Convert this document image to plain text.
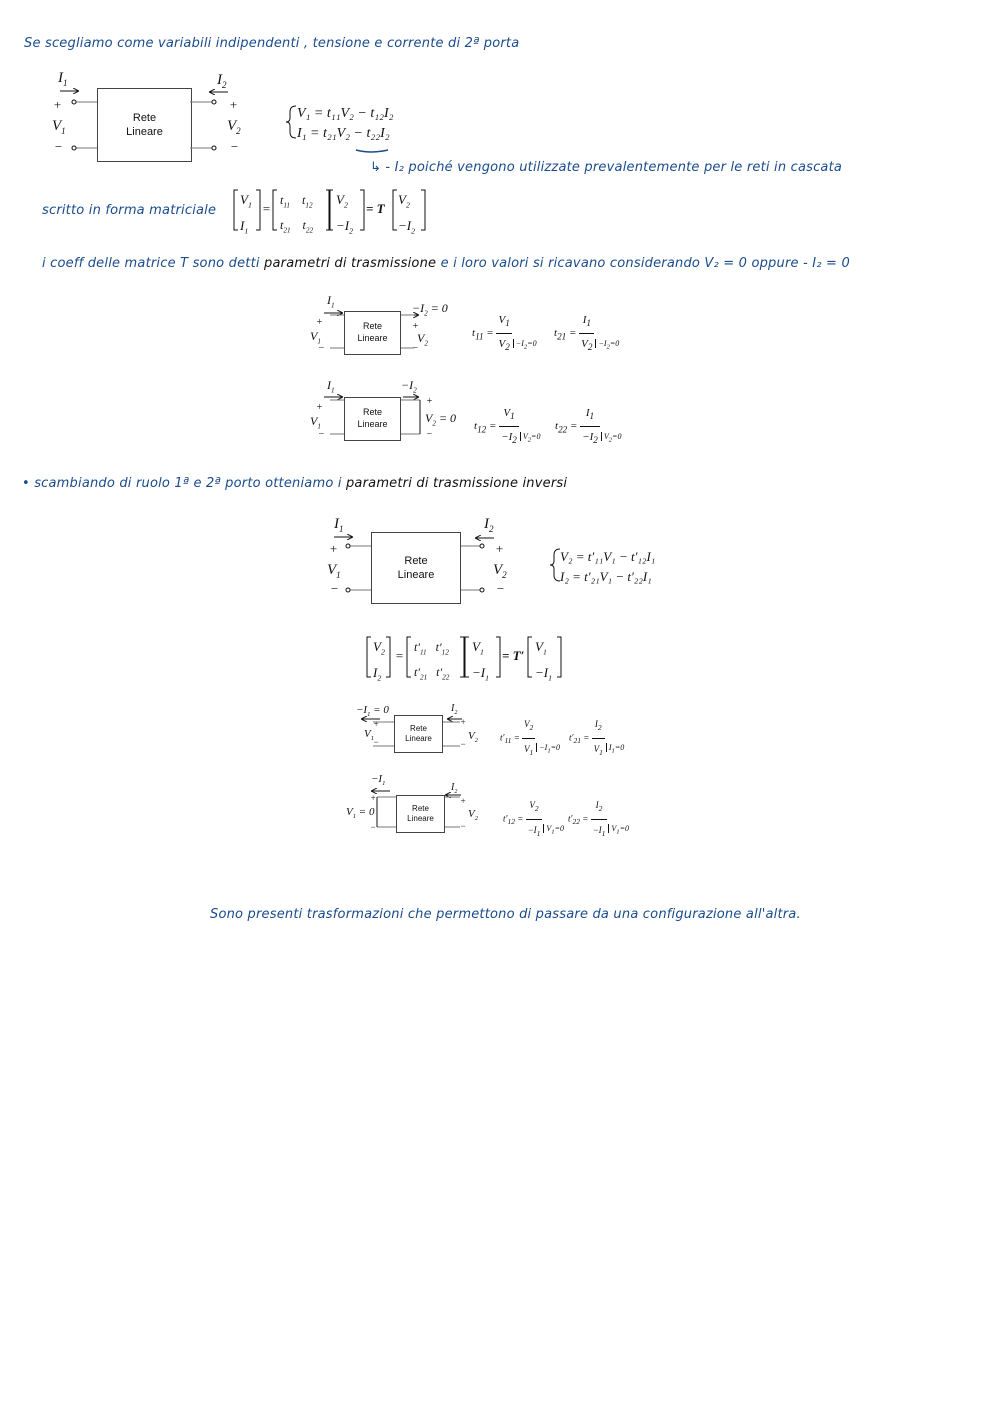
Se scegliamo come variabili indipendenti , tensione e corrente di 2ª porta
Rete
Lineare
$I_1$	$I_2$
+
$V_1$
−
+
$V_2$
−
V₁ = t₁₁V₂ − t₁₂I₂
I₁ = t₂₁V₂ − t₂₂I₂
↳ - I₂ poiché vengono utilizzate prevalentemente per le reti in cascata
scritto in forma matriciale
$V_1$
$I_1$
=
$t_{11}$    $t_{12}$
$t_{21}$    $t_{22}$
$V_2$
$-I_2$
= T
$V_2$
$-I_2$
i coeff delle matrice T sono detti parametri di trasmissione e i loro valori si ricavano considerando V₂ = 0 oppure - I₂ = 0
Rete
Lineare
$I_1$	$-I_2 = 0$
+
$V_1$
−
+
$V_2$
−
$t_{11} = \frac{V_1}{V_2} _{-I_2=0}$
$t_{21} = \frac{I_1}{V_2} _{-I_2=0}$
Rete
Lineare
$I_1$	$-I_2$
+
$V_1$
−
+
$V_2 = 0$
−
$t_{12} = \frac{V_1}{-I_2} _{V_2=0}$
$t_{22} = \frac{I_1}{-I_2} _{V_2=0}$
• scambiando di ruolo 1ª e 2ª porto otteniamo i parametri di trasmissione inversi
Rete
Lineare
$I_1$	$I_2$
+
$V_1$
−
+
$V_2$
−
V₂ = t′₁₁V₁ − t′₁₂I₁
I₂ = t′₂₁V₁ − t′₂₂I₁
$V_2$
$I_2$
=
$t'_{11}$   $t'_{12}$
$t'_{21}$   $t'_{22}$
$V_1$
$-I_1$
= T′
$V_1$
$-I_1$
Rete
Lineare
$-I_1 = 0$	$I_2$
+
$V_1$
−
+
$V_2$
−
$t'_{11} = \frac{V_2}{V_1} -I_1=0$
$t'_{21} = \frac{I_2}{V_1} I_1=0$
Rete
Lineare
$-I_1$	$I_2$
+
$V_1 = 0$
−
+
$V_2$
−
$t'_{12} = \frac{V_2}{-I_1} V_1=0$
$t'_{22} = \frac{I_2}{-I_1} V_1=0$
Sono presenti trasformazioni che permettono di passare da una configurazione all'altra.
